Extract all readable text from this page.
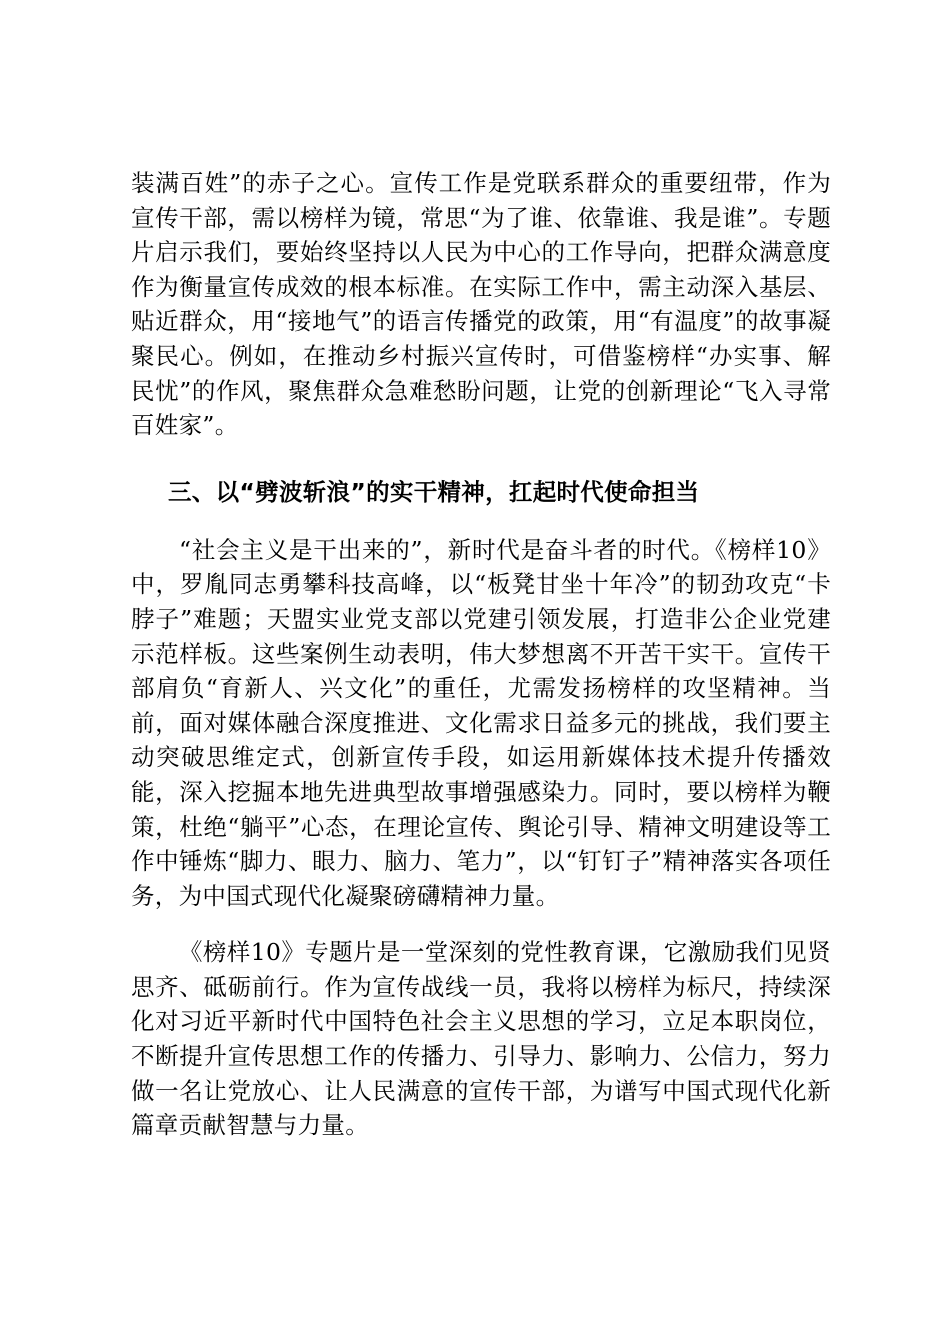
装满百姓”的赤子之心。宣传工作是党联系群众的重要纽带，作为宣传干部，需以榜样为镜，常思“为了谁、依靠谁、我是谁”。专题片启示我们，要始终坚持以人民为中心的工作导向，把群众满意度作为衡量宣传成效的根本标准。在实际工作中，需主动深入基层、贴近群众，用“接地气”的语言传播党的政策，用“有温度”的故事凝聚民心。例如，在推动乡村振兴宣传时，可借鉴榜样“办实事、解民忧”的作风，聚焦群众急难愁盼问题，让党的创新理论“飞入寻常百姓家”。

三、以“劈波斩浪”的实干精神，扛起时代使命担当

“社会主义是干出来的”，新时代是奋斗者的时代。《榜样10》中，罗胤同志勇攀科技高峰，以“板凳甘坐十年冷”的韧劲攻克“卡脖子”难题；天盟实业党支部以党建引领发展，打造非公企业党建示范样板。这些案例生动表明，伟大梦想离不开苦干实干。宣传干部肩负“育新人、兴文化”的重任，尤需发扬榜样的攻坚精神。当前，面对媒体融合深度推进、文化需求日益多元的挑战，我们要主动突破思维定式，创新宣传手段，如运用新媒体技术提升传播效能，深入挖掘本地先进典型故事增强感染力。同时，要以榜样为鞭策，杜绝“躺平”心态，在理论宣传、舆论引导、精神文明建设等工作中锤炼“脚力、眼力、脑力、笔力”，以“钉钉子”精神落实各项任务，为中国式现代化凝聚磅礴精神力量。

《榜样10》专题片是一堂深刻的党性教育课，它激励我们见贤思齐、砥砺前行。作为宣传战线一员，我将以榜样为标尺，持续深化对习近平新时代中国特色社会主义思想的学习，立足本职岗位，不断提升宣传思想工作的传播力、引导力、影响力、公信力，努力做一名让党放心、让人民满意的宣传干部，为谱写中国式现代化新篇章贡献智慧与力量。
